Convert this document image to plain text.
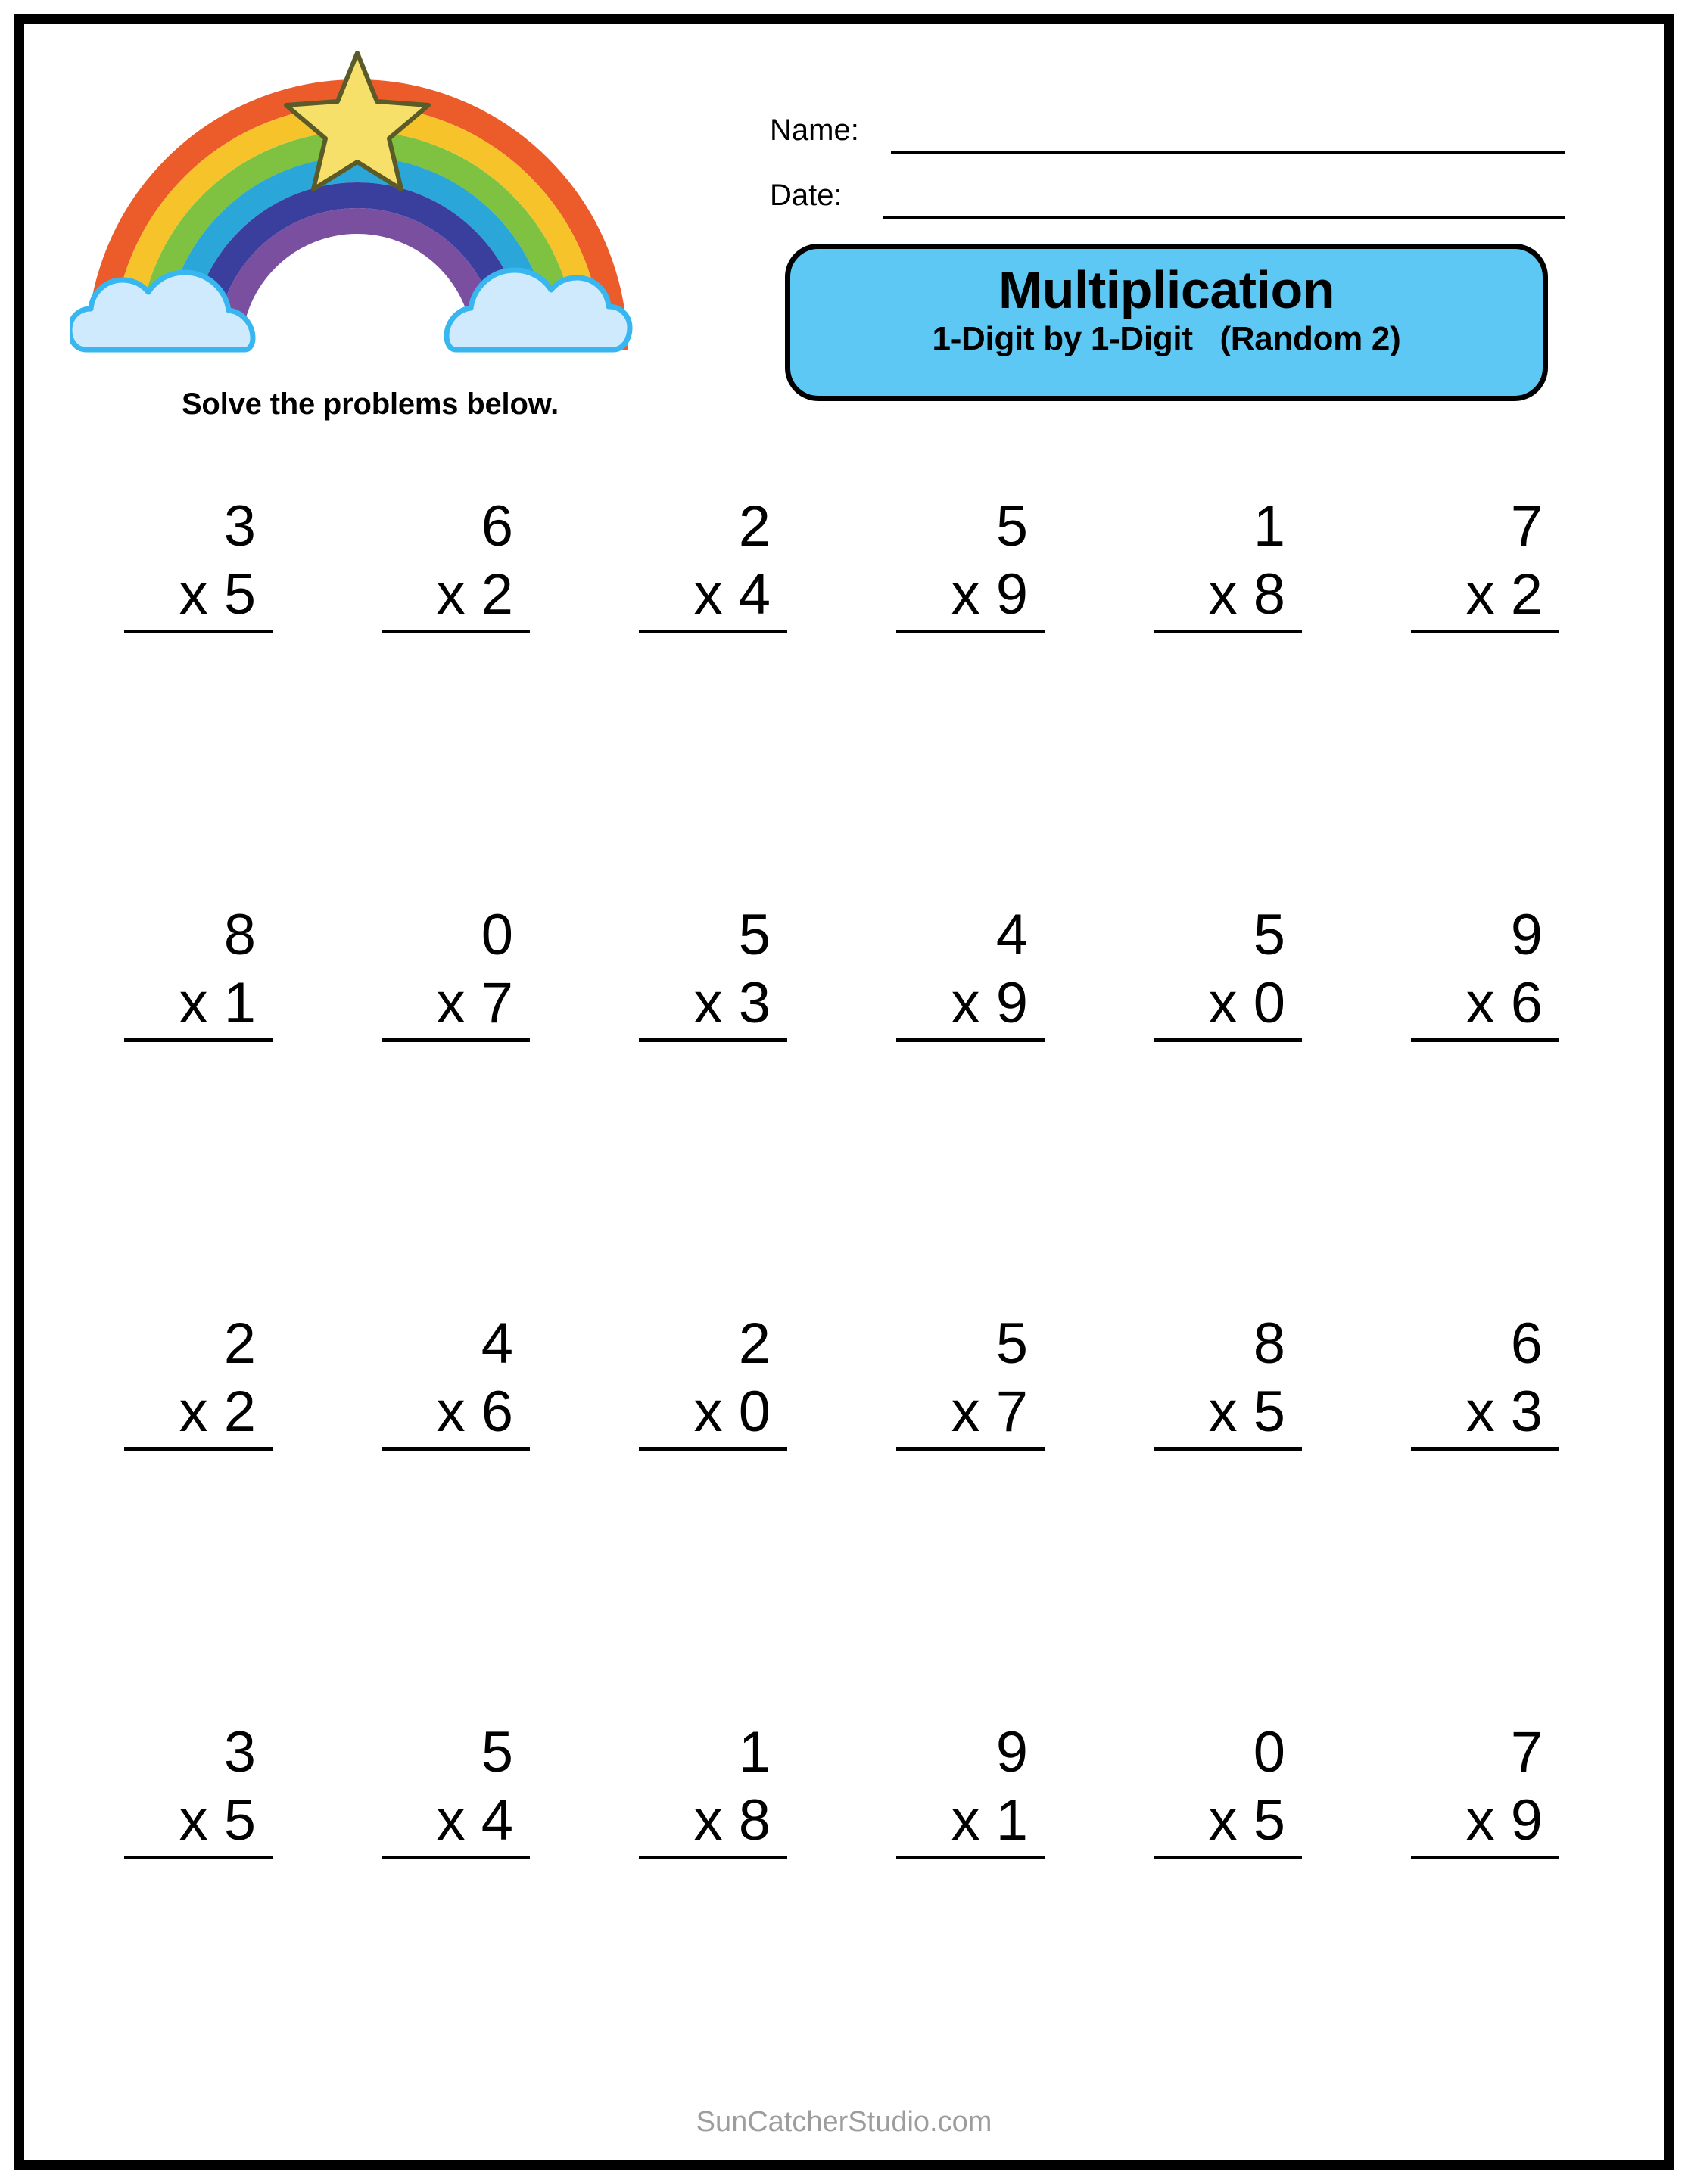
Solve the problems below.
Name:
Date:
Multiplication
1-Digit by 1-Digit   (Random 2)
3
x 5
6
x 2
2
x 4
5
x 9
1
x 8
7
x 2
8
x 1
0
x 7
5
x 3
4
x 9
5
x 0
9
x 6
2
x 2
4
x 6
2
x 0
5
x 7
8
x 5
6
x 3
3
x 5
5
x 4
1
x 8
9
x 1
0
x 5
7
x 9
SunCatcherStudio.com
